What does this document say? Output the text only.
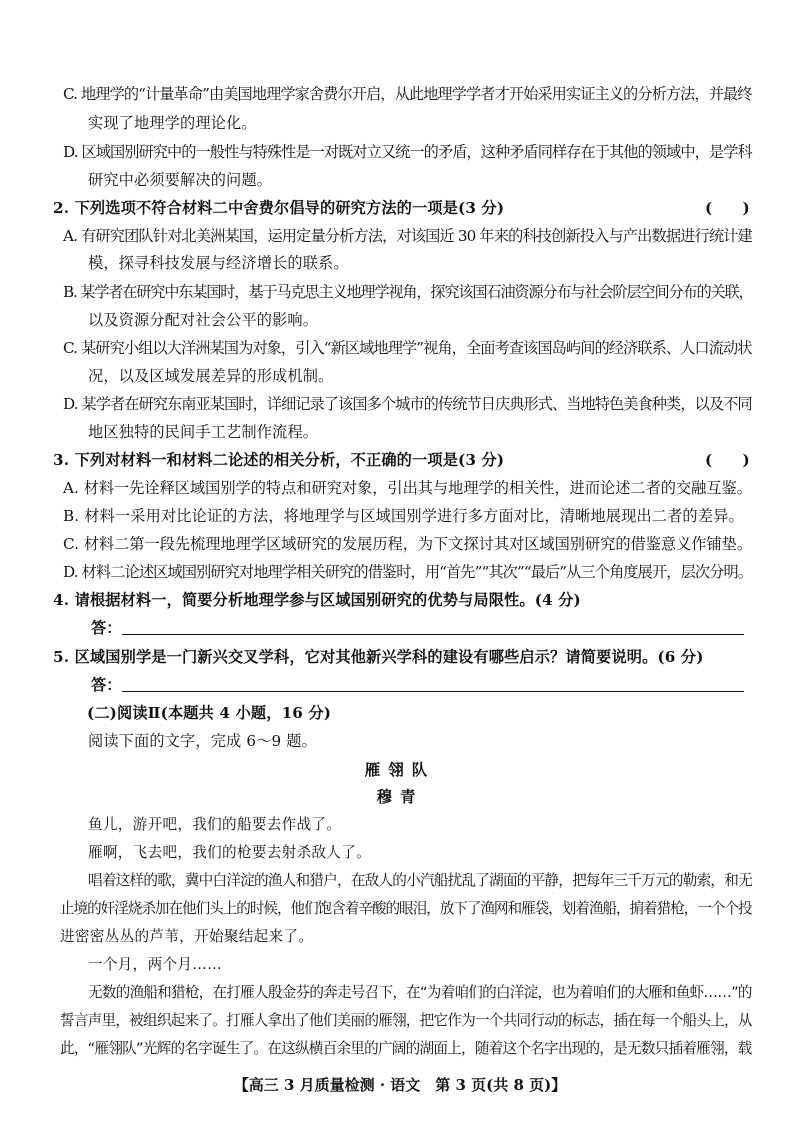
C. 地理学的“计量革命”由美国地理学家舍费尔开启，从此地理学学者才开始采用实证主义的分析方法，并最终
实现了地理学的理论化。
D. 区域国别研究中的一般性与特殊性是一对既对立又统一的矛盾，这种矛盾同样存在于其他的领域中，是学科
研究中必须要解决的问题。
2. 下列选项不符合材料二中舍费尔倡导的研究方法的一项是(3 分)	(　　)
A. 有研究团队针对北美洲某国，运用定量分析方法，对该国近 30 年来的科技创新投入与产出数据进行统计建
模，探寻科技发展与经济增长的联系。
B. 某学者在研究中东某国时，基于马克思主义地理学视角，探究该国石油资源分布与社会阶层空间分布的关联，
以及资源分配对社会公平的影响。
C. 某研究小组以大洋洲某国为对象，引入“新区域地理学”视角，全面考查该国岛屿间的经济联系、人口流动状
况，以及区域发展差异的形成机制。
D. 某学者在研究东南亚某国时，详细记录了该国多个城市的传统节日庆典形式、当地特色美食种类，以及不同
地区独特的民间手工艺制作流程。
3. 下列对材料一和材料二论述的相关分析，不正确的一项是(3 分)	(　　)
A. 材料一先诠释区域国别学的特点和研究对象，引出其与地理学的相关性，进而论述二者的交融互鉴。
B. 材料一采用对比论证的方法，将地理学与区域国别学进行多方面对比，清晰地展现出二者的差异。
C. 材料二第一段先梳理地理学区域研究的发展历程，为下文探讨其对区域国别研究的借鉴意义作铺垫。
D. 材料二论述区域国别研究对地理学相关研究的借鉴时，用“首先”“其次”“最后”从三个角度展开，层次分明。
4. 请根据材料一，简要分析地理学参与区域国别研究的优势与局限性。(4 分)
答：
5. 区域国别学是一门新兴交叉学科，它对其他新兴学科的建设有哪些启示？请简要说明。(6 分)
答：
(二)阅读Ⅱ(本题共 4 小题，16 分)
阅读下面的文字，完成 6～9 题。
雁翎队
穆青
鱼儿，游开吧，我们的船要去作战了。
雁啊，飞去吧，我们的枪要去射杀敌人了。
唱着这样的歌，冀中白洋淀的渔人和猎户，在敌人的小汽船扰乱了湖面的平静，把每年三千万元的勒索，和无
止境的奸淫烧杀加在他们头上的时候，他们饱含着辛酸的眼泪，放下了渔网和雁袋，划着渔船，掮着猎枪，一个个投
进密密丛丛的芦苇，开始聚结起来了。
一个月，两个月……
无数的渔船和猎枪，在打雁人殷金芬的奔走号召下，在“为着咱们的白洋淀，也为着咱们的大雁和鱼虾……”的
誓言声里，被组织起来了。打雁人拿出了他们美丽的雁翎，把它作为一个共同行动的标志，插在每一个船头上，从
此，“雁翎队”光辉的名字诞生了。在这纵横百余里的广阔的湖面上，随着这个名字出现的，是无数只插着雁翎，载
【高三 3 月质量检测 · 语文　第 3 页(共 8 页)】
